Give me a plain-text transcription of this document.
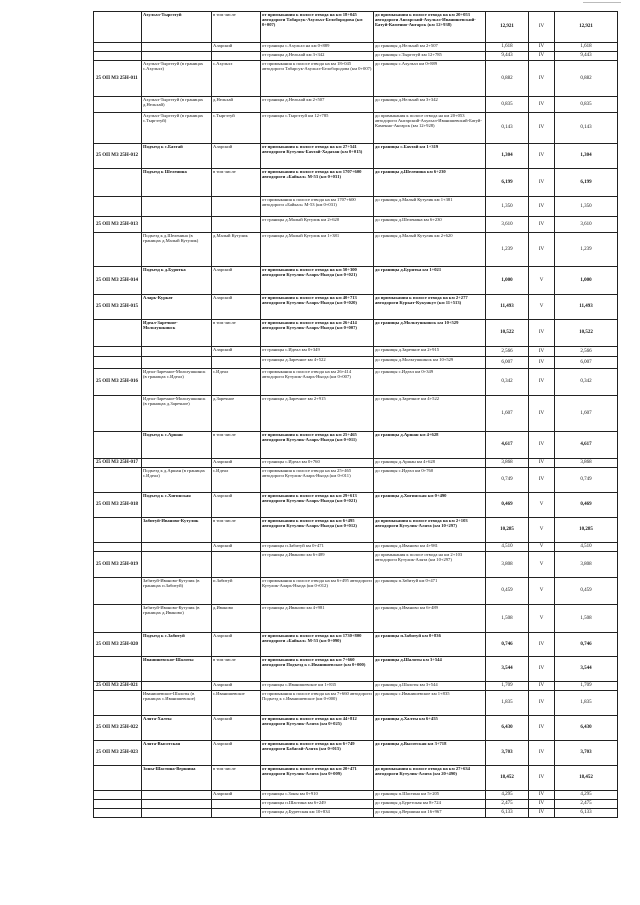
	Ахульхэ-Тыргэтуй	в том числе	от примыкания к полосе отвода на км 18+045 автодороги Табарсук-Ахульхэ-Белобородова (км 0+007)	до примыкания к полосе отвода на км 20+053 автодороги Ангарский-Ахульхэ-Иванишевский-Батуй-Каменно-Ангарск (км 12+938)	12,921	IV	12,921
		Аларский	от границы с.Ахульхэ на км 0+889	до границы д.Нельхай км 2+507	1,618	IV	1,618
			от границы д.Нельхай км 3+342	до границы с.Тыргэтуй км 12+785	9,443	IV	9,443
25 ОП МЗ 25Н-011	Ахульхэ-Тыргэтуй (в границах с.Ахульхэ)	с.Ахульхэ	от примыкания к полосе отвода на км 18+045 автодороги Табарсук-Ахульхэ-Белобородова (км 0+007)	до границы с.Ахульхэ км 0+889	0,882	IV	0,882
	Ахульхэ-Тыргэтуй (в границах д.Нельхай)	д.Нельхай	от границы д.Нельхай км 2+507	до границы д.Нельхай км 3+342	0,835	IV	0,835
	Ахульхэ-Тыргэтуй (в границах с.Тыргэтуй)	с.Тыргэтуй	от границы с.Тыргэтуй км 12+785	до примыкания к полосе отвода на км 20+053 автодороги Ангарский-Ахульхэ-Иванишевский-Батуй-Каменно-Ангарск (км 12+928)	0,143	IV	0,143
25 ОП МЗ 25Н-012	Подъезд к с.Бахтай	Аларский	от примыкания к полосе отвода на км 27+541 автодороги Кутулик-Бахтай-Хадахан (км 0+015)	до границы с.Бахтай км 1+319	1,304	IV	1,304
	Подъезд к Шеленина	в том числе	от примыкания к полосе отвода на км 1707+600 автодороги «Байкал» М-53 (км 0+031)	до границы д.Шеленина км 6+230	6,199	IV	6,199
			от примыкания к полосе отвода на км 1707+600 автодороги «Байкал» М-53 (км 0+031)	до границы д.Малый Кутулик км 1+381	1,350	IV	1,350
25 ОП МЗ 25Н-013			от границы д.Малый Кутулик км 2+620	до границы д.Шеленина км 6+230	3,610	IV	3,610
	Подъезд к д.Шеленина (в границах д.Малый Кутулик)	д.Малый Кутулик	от границы д.Малый Кутулик км 1+381	до границы д.Малый Кутулик км 2+620	1,239	IV	1,239
25 ОП МЗ 25Н-014	Подъезд к д.Бурятка	Аларский	от примыкания к полосе отвода на км 50+300 автодороги Кутулик-Аларь-Ныгда (км 0+021)	до границы д.Бурятка км 1+021	1,000	V	1,000
25 ОП МЗ 25Н-015	Аларь-Куркат	Аларский	от примыкания к полосе отвода на км 40+713 автодороги Кутулик-Аларь-Ныгда (км 0+020)	до примыкания к полосе отвода на км 2+277 автодороги Куркат-Кукункут (км 11+513)	11,493	V	11,493
	Идеал-Заречное-Мольтушкинск	в том числе	от примыкания к полосе отвода на км 26+414 автодороги Кутулик-Аларь-Ныгда (км 0+007)	до границы д.Мольтушкинск км 10+529	10,522	IV	10,522
		Аларский	от границы с.Идеал км 0+349	до границы д.Заречное км 2+915	2,566	IV	2,566
			от границы д.Заречное км 4+522	до границы д.Мольтушкинск км 10+529	6,007	IV	6,007
25 ОП МЗ 25Н-016	Идеал-Заречное-Мольтушкинск (в границах с.Идеал)	с.Идеал	от примыкания к полосе отвода на км 26+414 автодороги Кутулик-Аларь-Ныгда (км 0+007)	до границы с.Идеал км 0+349	0,342	IV	0,342
	Идеал-Заречное-Мольтушкинск (в границах д.Заречное)	д.Заречное	от границы д.Заречное км 2+915	до границы д.Заречное км 4+522	1,607	IV	1,607
	Подъезд к с.Аршан	в том числе	от примыкания к полосе отвода на км 25+465 автодороги Кутулик-Аларь-Ныгда (км 0+011)	до границы д.Аршан км 4+628	4,617	IV	4,617
25 ОП МЗ 25Н-017		Аларский	от границы с.Идеал км 0+760	до границы д.Аршан км 4+628	3,868	IV	3,868
	Подъезд к д.Аршан (в границах с.Идеал)	с.Идеал	от примыкания к полосе отвода на км 25+465 автодороги Кутулик-Аларь-Ныгда (км 0+011)	до границы с.Идеал км 0+760	0,749	IV	0,749
25 ОП МЗ 25Н-018	Подъезд к с.Хигинская	Аларский	от примыкания к полосе отвода на км 29+613 автодороги Кутулик-Аларь-Ныгда (км 0+021)	до границы д.Хигинская км 0+490	0,469	V	0,469
	Забитуй-Иваново-Кутулик	в том числе	от примыкания к полосе отвода на км 6+495 автодороги Кутулик-Аларь-Ныгда (км 0+012)	до примыкания к полосе отвода на км 2+103 автодороги Кутулик-Алята (км 10+297)	10,285	V	10,285
		Аларский	от границы п.Забитуй км 0+471	до границы д.Иваново км 4+981	4,510	V	4,510
25 ОП МЗ 25Н-019			от границы д.Иваново км 6+489	до примыкания к полосе отвода на км 2+103 автодороги Кутулик-Алята (км 10+297)	3,808	V	3,808
	Забитуй-Иваново-Кутулик (в границах п.Забитуй)	п.Забитуй	от примыкания к полосе отвода на км 6+495 автодороги Кутулик-Аларь-Ныгда (км 0+012)	до границы п.Забитуй км 0+471	0,459	V	0,459
	Забитуй-Иваново-Кутулик (в границах д.Иваново)	д.Иваново	от границы д.Иваново км 4+981	до границы д.Иваново км 6+489	1,508	V	1,508
25 ОП МЗ 25Н-020	Подъезд к с.Забитуй	Аларский	от примыкания к полосе отвода на км 1730+800 автодороги «Байкал» М-53 (км 0+090)	до границы п.Забитуй км 0+836	0,746	IV	0,746
	Иванишевское-Шалоты	в том числе	от примыкания к полосе отвода на км 7+660 автодороги Подъезд к с.Иванишевское (км 0+000)	до границы д.Шалоты км 3+544	3,544	IV	3,544
25 ОП МЗ 25Н-021		Аларский	от границы с.Иванишевское км 1+835	до границы д.Шалоты км 3+544	1,709	IV	1,709
	Иванишевское-Шалоты (в границах с.Иванишевское)	с.Иванишевское	от примыкания к полосе отвода на км 7+660 автодороги Подъезд к с.Иванишевское (км 0+000)	до границы с.Иванишевское км 1+835	1,835	IV	1,835
25 ОП МЗ 25Н-022	Алята-Халты	Аларский	от примыкания к полосе отвода на км 44+812 автодороги Кутулик-Алята (км 0+025)	до границы д.Халты км 6+455	6,430	IV	6,430
25 ОП МЗ 25Н-023	Алята-Высотская	Аларский	от примыкания к полосе отвода на км 6+749 автодороги Бабагай-Алята (км 0+015)	до границы д.Высотская км 3+718	3,703	IV	3,703
	Зоны-Шастина-Вершина	в том числе	от примыкания к полосе отвода на км 20+471 автодороги Кутулик-Алята (км 0+009)	до примыкания к полосе отвода на км 27+634 автодороги Кутулик-Алята (км 20+490)	18,452	IV	18,452
		Аларский	от границы с.Зоны км 0+910	до границы п.Шастина км 5+205	4,295	IV	4,295
			от границы п.Шастина км 6+249	до границы д.Буретская км 8+724	2,475	IV	2,475
			от границы д.Буретская км 10+834	до границы д.Вершина км 16+967	6,133	IV	6,133
